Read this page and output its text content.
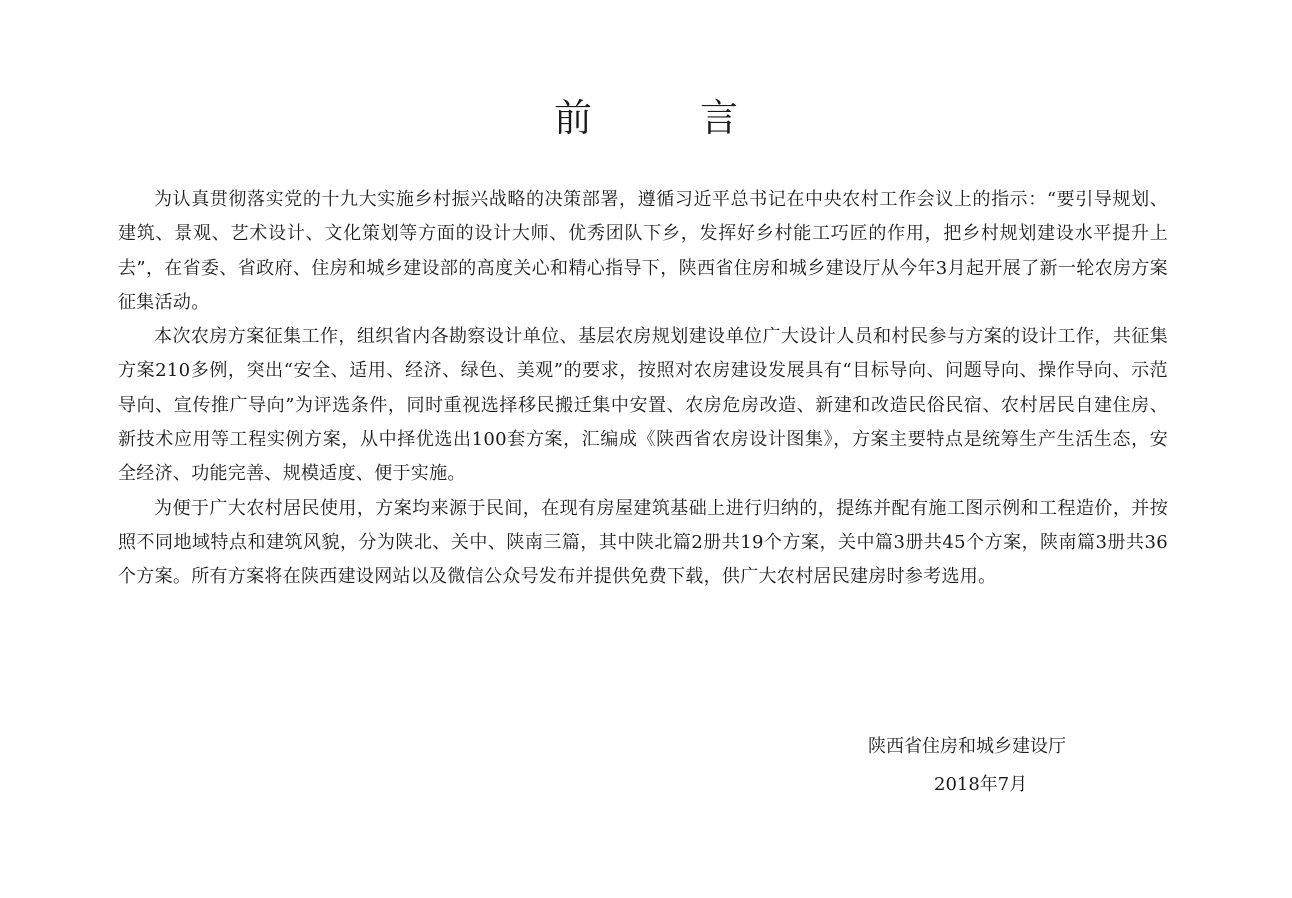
前 言

为认真贯彻落实党的十九大实施乡村振兴战略的决策部署，遵循习近平总书记在中央农村工作会议上的指示：“要引导规划、建筑、景观、艺术设计、文化策划等方面的设计大师、优秀团队下乡，发挥好乡村能工巧匠的作用，把乡村规划建设水平提升上去”，在省委、省政府、住房和城乡建设部的高度关心和精心指导下，陕西省住房和城乡建设厅从今年3月起开展了新一轮农房方案征集活动。

本次农房方案征集工作，组织省内各勘察设计单位、基层农房规划建设单位广大设计人员和村民参与方案的设计工作，共征集方案210多例，突出“安全、适用、经济、绿色、美观”的要求，按照对农房建设发展具有“目标导向、问题导向、操作导向、示范导向、宣传推广导向”为评选条件，同时重视选择移民搬迁集中安置、农房危房改造、新建和改造民俗民宿、农村居民自建住房、新技术应用等工程实例方案，从中择优选出100套方案，汇编成《陕西省农房设计图集》，方案主要特点是统筹生产生活生态，安全经济、功能完善、规模适度、便于实施。

为便于广大农村居民使用，方案均来源于民间，在现有房屋建筑基础上进行归纳的，提练并配有施工图示例和工程造价，并按照不同地域特点和建筑风貌，分为陕北、关中、陕南三篇，其中陕北篇2册共19个方案，关中篇3册共45个方案，陕南篇3册共36个方案。所有方案将在陕西建设网站以及微信公众号发布并提供免费下载，供广大农村居民建房时参考选用。

陕西省住房和城乡建设厅
2018年7月
